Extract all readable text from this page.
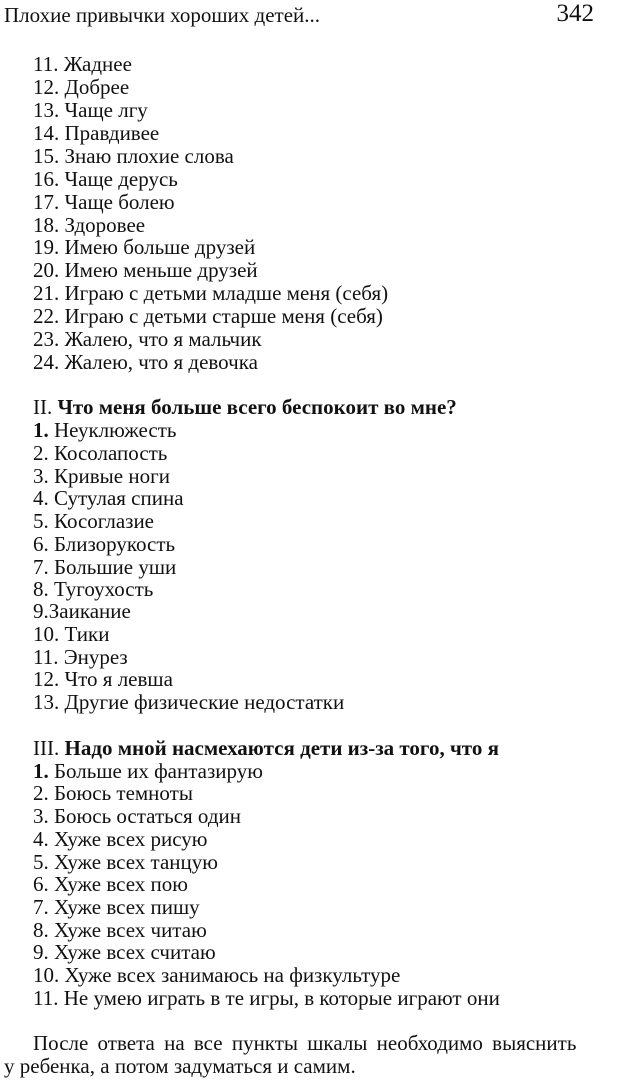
Плохие привычки хороших детей...	342
11. Жаднее
12. Добрее
13. Чаще лгу
14. Правдивее
15. Знаю плохие слова
16. Чаще дерусь
17. Чаще болею
18. Здоровее
19. Имею больше друзей
20. Имею меньше друзей
21. Играю с детьми младше меня (себя)
22. Играю с детьми старше меня (себя)
23. Жалею, что я мальчик
24. Жалею, что я девочка
II. Что меня больше всего беспокоит во мне?
1. Неуклюжесть
2. Косолапость
3. Кривые ноги
4. Сутулая спина
5. Косоглазие
6. Близорукость
7. Большие уши
8. Тугоухость
9.Заикание
10. Тики
11. Энурез
12. Что я левша
13. Другие физические недостатки
III. Надо мной насмехаются дети из-за того, что я
1. Больше их фантазирую
2. Боюсь темноты
3. Боюсь остаться один
4. Хуже всех рисую
5. Хуже всех танцую
6. Хуже всех пою
7. Хуже всех пишу
8. Хуже всех читаю
9. Хуже всех считаю
10. Хуже всех занимаюсь на физкультуре
11. Не умею играть в те игры, в которые играют они
После ответа на все пункты шкалы необходимо выяснить
у ребенка, а потом задуматься и самим.
